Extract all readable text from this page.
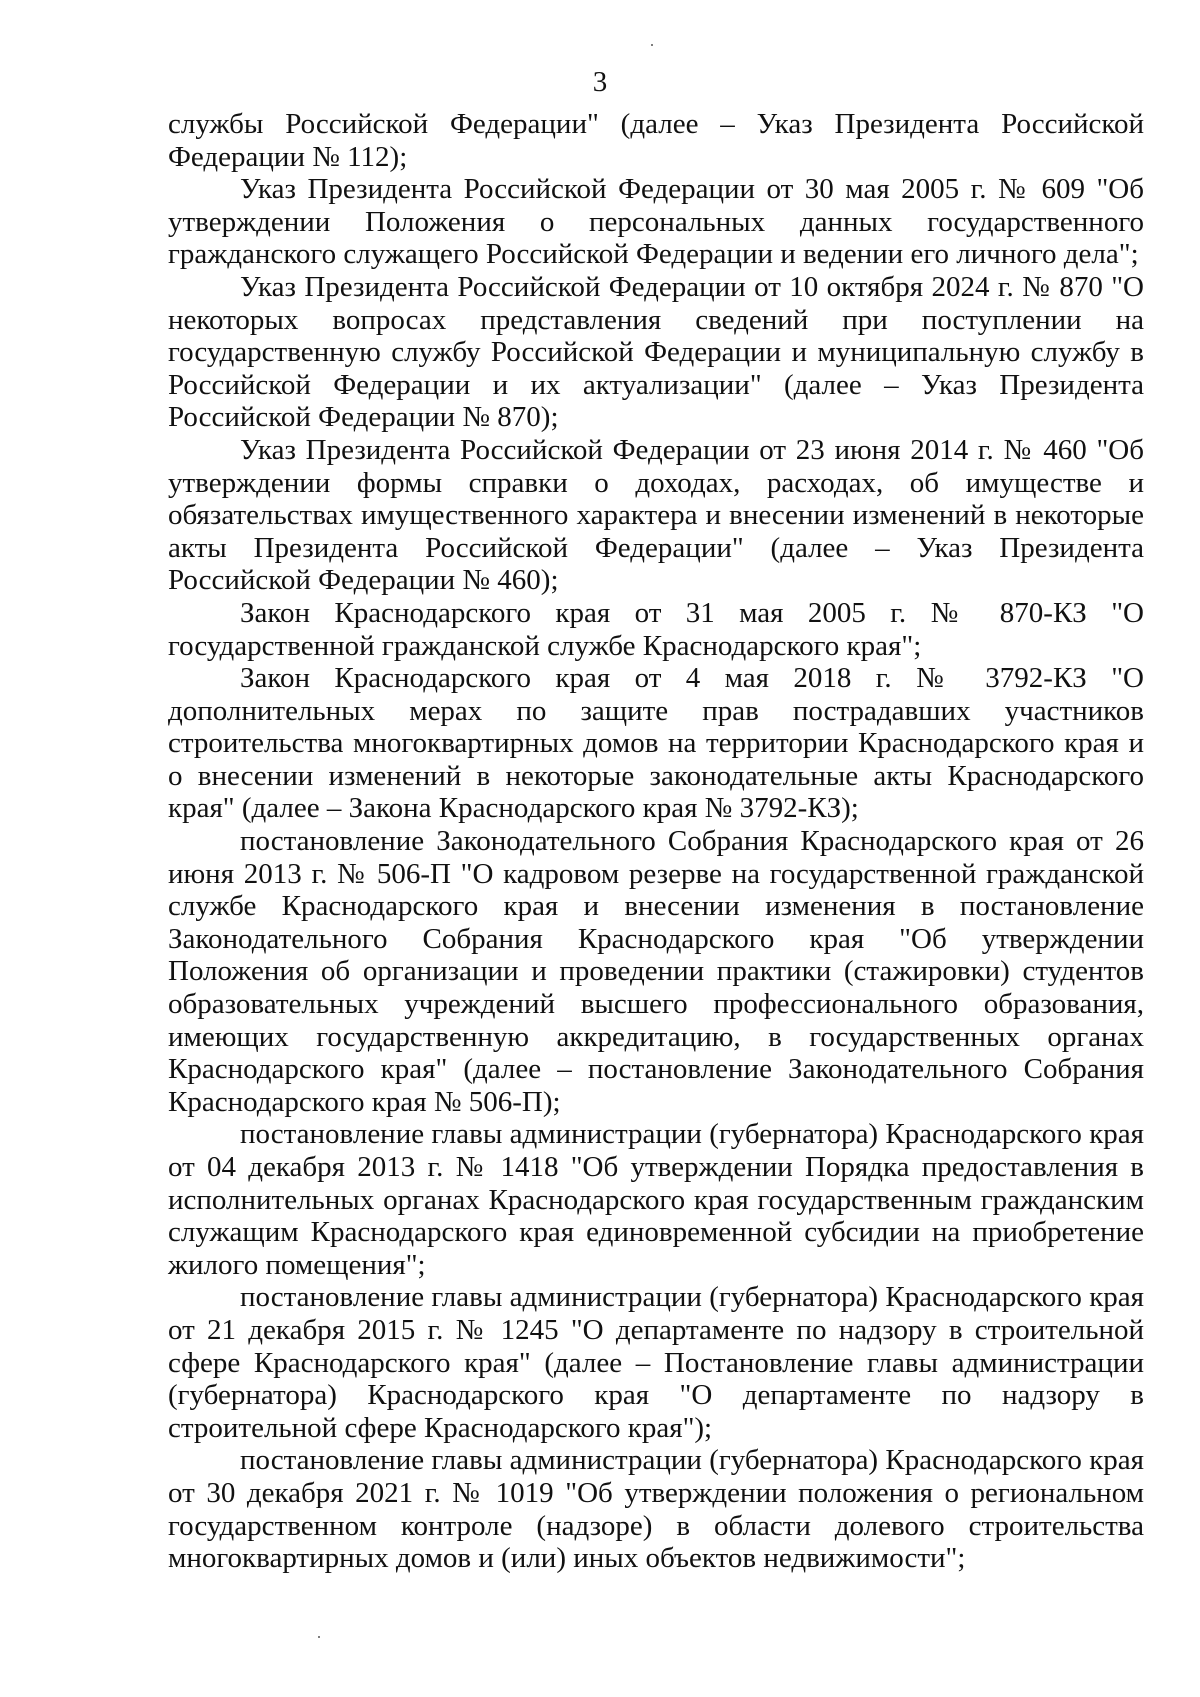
3

службы Российской Федерации" (далее – Указ Президента Российской Федерации № 112);

Указ Президента Российской Федерации от 30 мая 2005 г. № 609 "Об утверждении Положения о персональных данных государственного гражданского служащего Российской Федерации и ведении его личного дела";

Указ Президента Российской Федерации от 10 октября 2024 г. № 870 "О некоторых вопросах представления сведений при поступлении на государственную службу Российской Федерации и муниципальную службу в Российской Федерации и их актуализации" (далее – Указ Президента Российской Федерации № 870);

Указ Президента Российской Федерации от 23 июня 2014 г. № 460 "Об утверждении формы справки о доходах, расходах, об имуществе и обязательствах имущественного характера и внесении изменений в некоторые акты Президента Российской Федерации" (далее – Указ Президента Российской Федерации № 460);

Закон Краснодарского края от 31 мая 2005 г. № 870-КЗ "О государственной гражданской службе Краснодарского края";

Закон Краснодарского края от 4 мая 2018 г. № 3792-КЗ "О дополнительных мерах по защите прав пострадавших участников строительства многоквартирных домов на территории Краснодарского края и о внесении изменений в некоторые законодательные акты Краснодарского края" (далее – Закона Краснодарского края № 3792-КЗ);

постановление Законодательного Собрания Краснодарского края от 26 июня 2013 г. № 506-П "О кадровом резерве на государственной гражданской службе Краснодарского края и внесении изменения в постановление Законодательного Собрания Краснодарского края "Об утверждении Положения об организации и проведении практики (стажировки) студентов образовательных учреждений высшего профессионального образования, имеющих государственную аккредитацию, в государственных органах Краснодарского края" (далее – постановление Законодательного Собрания Краснодарского края № 506-П);

постановление главы администрации (губернатора) Краснодарского края от 04 декабря 2013 г. № 1418 "Об утверждении Порядка предоставления в исполнительных органах Краснодарского края государственным гражданским служащим Краснодарского края единовременной субсидии на приобретение жилого помещения";

постановление главы администрации (губернатора) Краснодарского края от 21 декабря 2015 г. № 1245 "О департаменте по надзору в строительной сфере Краснодарского края" (далее – Постановление главы администрации (губернатора) Краснодарского края "О департаменте по надзору в строительной сфере Краснодарского края");

постановление главы администрации (губернатора) Краснодарского края от 30 декабря 2021 г. № 1019 "Об утверждении положения о региональном государственном контроле (надзоре) в области долевого строительства многоквартирных домов и (или) иных объектов недвижимости";
